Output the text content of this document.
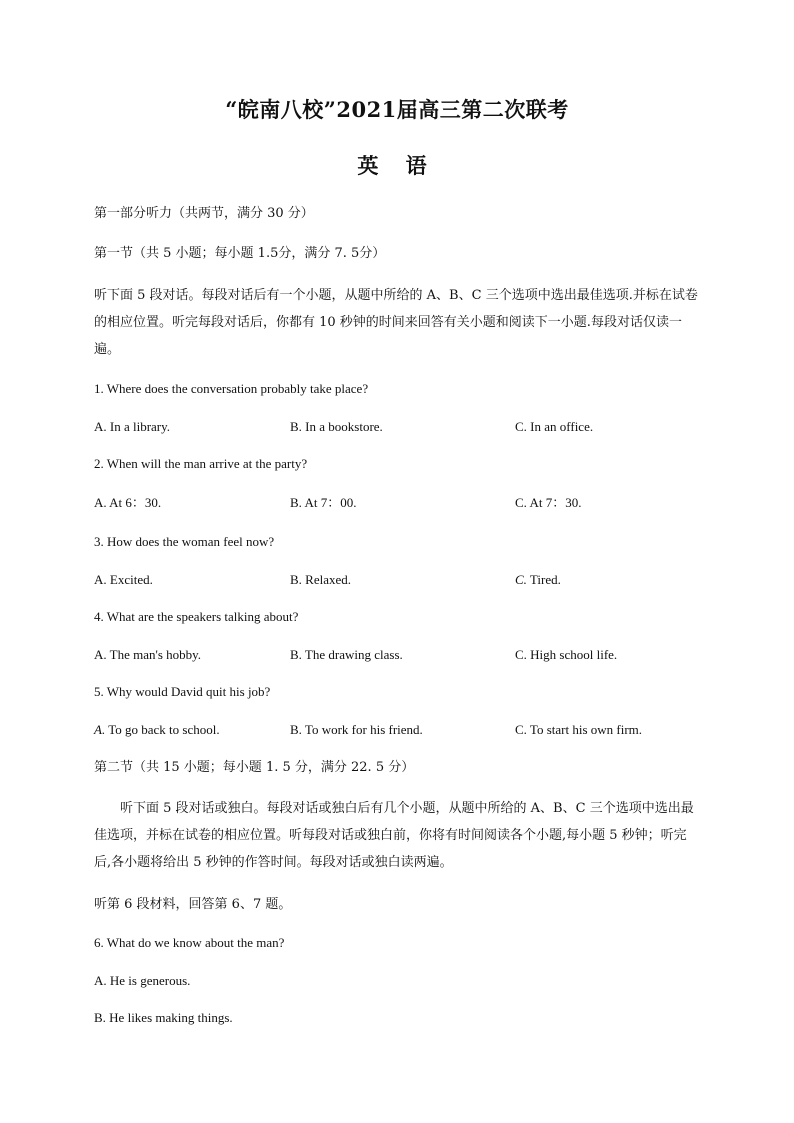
“皖南八校”2021届高三第二次联考
英 语
第一部分听力（共两节，满分 30 分）
第一节（共 5 小题；每小题 1.5分，满分 7. 5分）
听下面 5 段对话。每段对话后有一个小题，从题中所给的 A、B、C 三个选项中选出最佳选项.并标在试卷的相应位置。听完每段对话后，你都有 10 秒钟的时间来回答有关小题和阅读下一小题.每段对话仅读一遍。
1. Where does the conversation probably take place?
A. In a library.	B. In a bookstore.	C. In an office.
2. When will the man arrive at the party?
A. At 6：30.	B. At 7：00.	C. At 7：30.
3. How does the woman feel now?
A. Excited.	B. Relaxed.	C. Tired.
4. What are the speakers talking about?
A. The man's hobby.	B. The drawing class.	C. High school life.
5. Why would David quit his job?
A. To go back to school.	B. To work for his friend.	C. To start his own firm.
第二节（共 15 小题；每小题 1. 5 分，满分 22. 5 分）
听下面 5 段对话或独白。每段对话或独白后有几个小题，从题中所给的 A、B、C 三个选项中选出最佳选项，并标在试卷的相应位置。听每段对话或独白前，你将有时间阅读各个小题,每小题 5 秒钟；听完后,各小题将给出 5 秒钟的作答时间。每段对话或独白读两遍。
听第 6 段材料，回答第 6、7 题。
6. What do we know about the man?
A. He is generous.
B. He likes making things.
